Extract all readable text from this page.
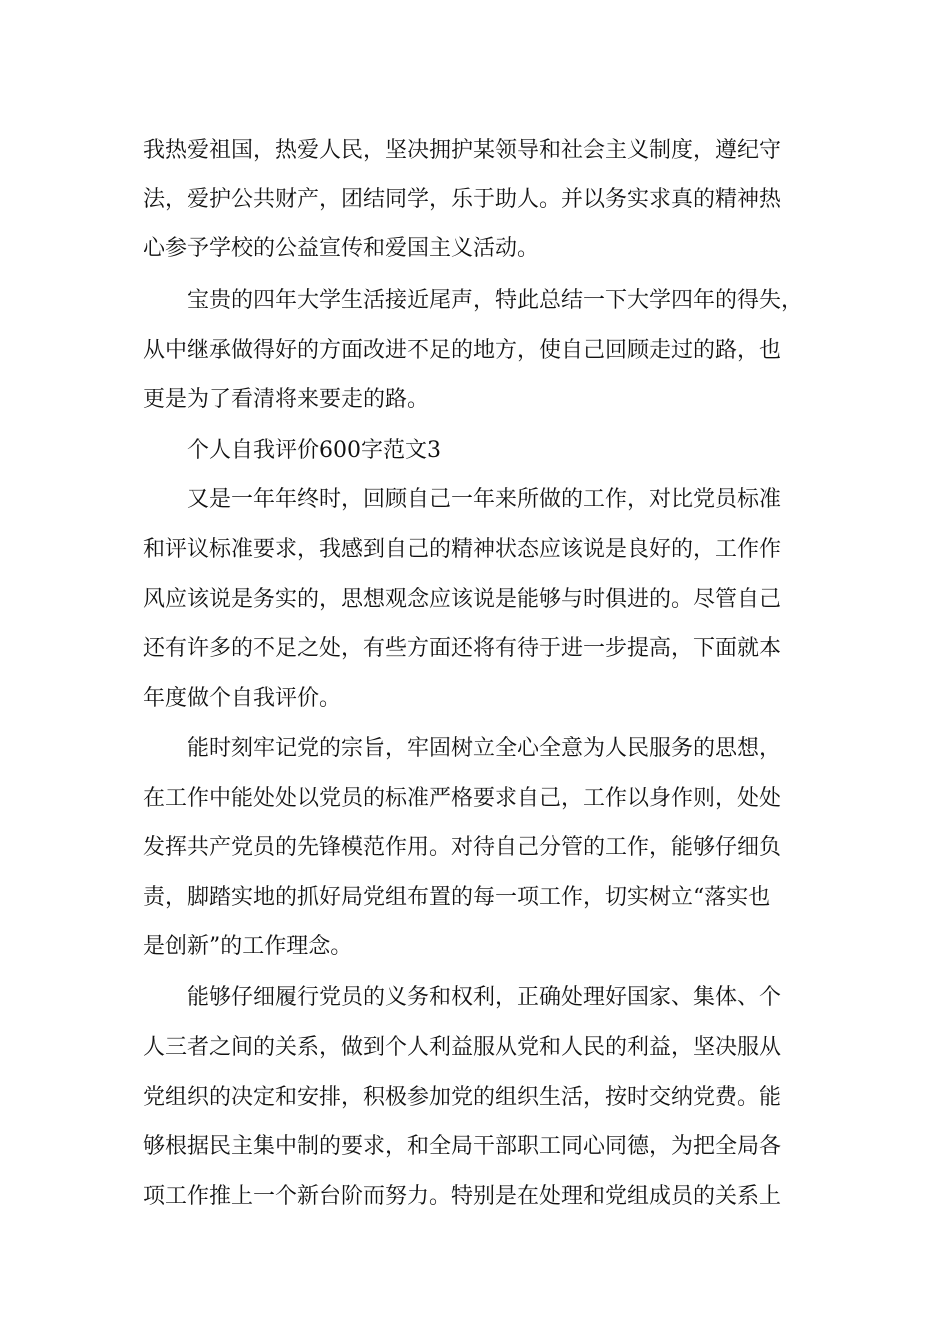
我热爱祖国，热爱人民，坚决拥护某领导和社会主义制度，遵纪守

法，爱护公共财产，团结同学，乐于助人。并以务实求真的精神热

心参予学校的公益宣传和爱国主义活动。

宝贵的四年大学生活接近尾声，特此总结一下大学四年的得失，

从中继承做得好的方面改进不足的地方，使自己回顾走过的路，也

更是为了看清将来要走的路。

个人自我评价600字范文3

又是一年年终时，回顾自己一年来所做的工作，对比党员标准

和评议标准要求，我感到自己的精神状态应该说是良好的，工作作

风应该说是务实的，思想观念应该说是能够与时俱进的。尽管自己

还有许多的不足之处，有些方面还将有待于进一步提高，下面就本

年度做个自我评价。

能时刻牢记党的宗旨，牢固树立全心全意为人民服务的思想，

在工作中能处处以党员的标准严格要求自己，工作以身作则，处处

发挥共产党员的先锋模范作用。对待自己分管的工作，能够仔细负

责，脚踏实地的抓好局党组布置的每一项工作，切实树立“落实也

是创新”的工作理念。

能够仔细履行党员的义务和权利，正确处理好国家、集体、个

人三者之间的关系，做到个人利益服从党和人民的利益，坚决服从

党组织的决定和安排，积极参加党的组织生活，按时交纳党费。能

够根据民主集中制的要求，和全局干部职工同心同德，为把全局各

项工作推上一个新台阶而努力。特别是在处理和党组成员的关系上
